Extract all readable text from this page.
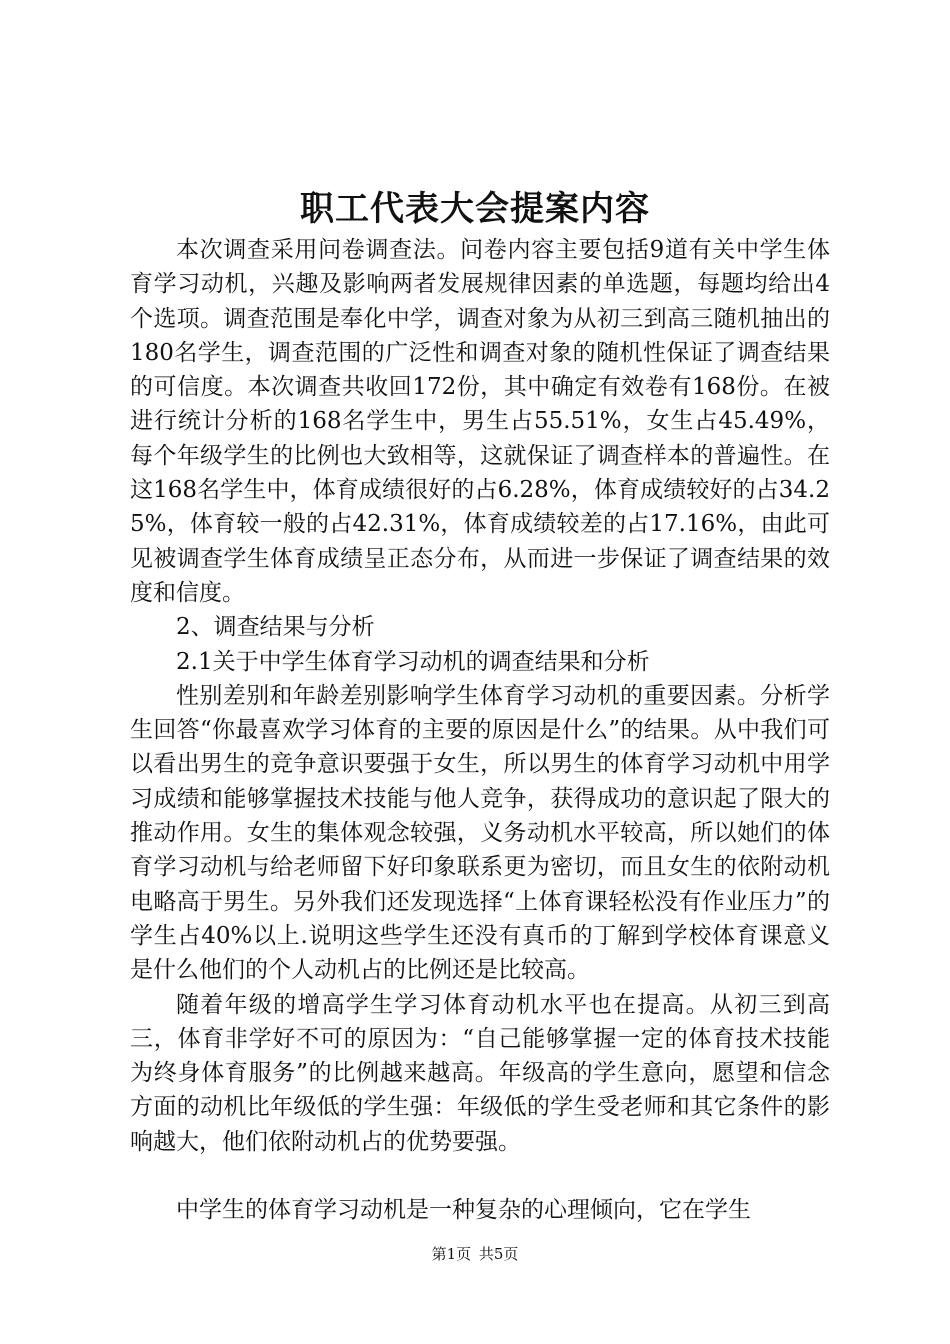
职工代表大会提案内容

本次调查采用问卷调查法。问卷内容主要包括9道有关中学生体育学习动机，兴趣及影响两者发展规律因素的单选题，每题均给出4个选项。调查范围是奉化中学，调查对象为从初三到高三随机抽出的180名学生，调查范围的广泛性和调查对象的随机性保证了调查结果的可信度。本次调查共收回172份，其中确定有效卷有168份。在被进行统计分析的168名学生中，男生占55.51%，女生占45.49%，每个年级学生的比例也大致相等，这就保证了调查样本的普遍性。在这168名学生中，体育成绩很好的占6.28%，体育成绩较好的占34.25%，体育较一般的占42.31%，体育成绩较差的占17.16%，由此可见被调查学生体育成绩呈正态分布，从而进一步保证了调查结果的效度和信度。

2、调查结果与分析

2.1关于中学生体育学习动机的调查结果和分析

性别差别和年龄差别影响学生体育学习动机的重要因素。分析学生回答“你最喜欢学习体育的主要的原因是什么”的结果。从中我们可以看出男生的竞争意识要强于女生，所以男生的体育学习动机中用学习成绩和能够掌握技术技能与他人竞争，获得成功的意识起了限大的推动作用。女生的集体观念较强，义务动机水平较高，所以她们的体育学习动机与给老师留下好印象联系更为密切，而且女生的依附动机电略高于男生。另外我们还发现选择“上体育课轻松没有作业压力”的学生占40%以上.说明这些学生还没有真币的丁解到学校体育课意义是什么他们的个人动机占的比例还是比较高。

随着年级的增高学生学习体育动机水平也在提高。从初三到高三，体育非学好不可的原因为：“自己能够掌握一定的体育技术技能为终身体育服务”的比例越来越高。年级高的学生意向，愿望和信念方面的动机比年级低的学生强：年级低的学生受老师和其它条件的影响越大，他们依附动机占的优势要强。

中学生的体育学习动机是一种复杂的心理倾向，它在学生

第1页 共5页
